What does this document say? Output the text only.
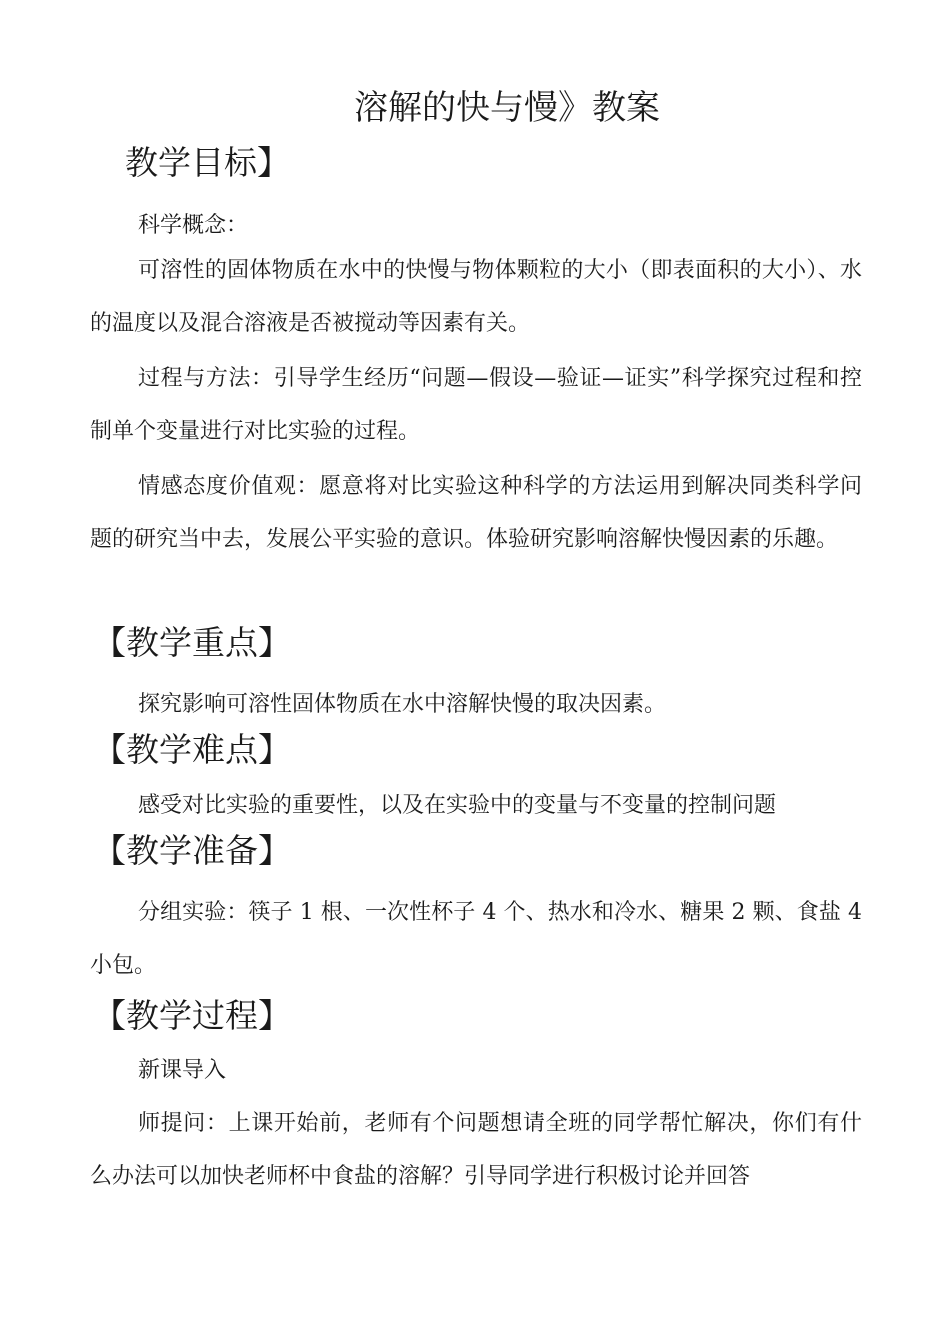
溶解的快与慢》教案
教学目标】
科学概念：
可溶性的固体物质在水中的快慢与物体颗粒的大小（即表面积的大小）、水的温度以及混合溶液是否被搅动等因素有关。
过程与方法：引导学生经历“问题—假设—验证—证实”科学探究过程和控制单个变量进行对比实验的过程。
情感态度价值观：愿意将对比实验这种科学的方法运用到解决同类科学问题的研究当中去，发展公平实验的意识。体验研究影响溶解快慢因素的乐趣。
【教学重点】
探究影响可溶性固体物质在水中溶解快慢的取决因素。
【教学难点】
感受对比实验的重要性，以及在实验中的变量与不变量的控制问题
【教学准备】
分组实验：筷子 1 根、一次性杯子 4 个、热水和冷水、糖果 2 颗、食盐 4 小包。
【教学过程】
新课导入
师提问：上课开始前，老师有个问题想请全班的同学帮忙解决，你们有什么办法可以加快老师杯中食盐的溶解？引导同学进行积极讨论并回答
